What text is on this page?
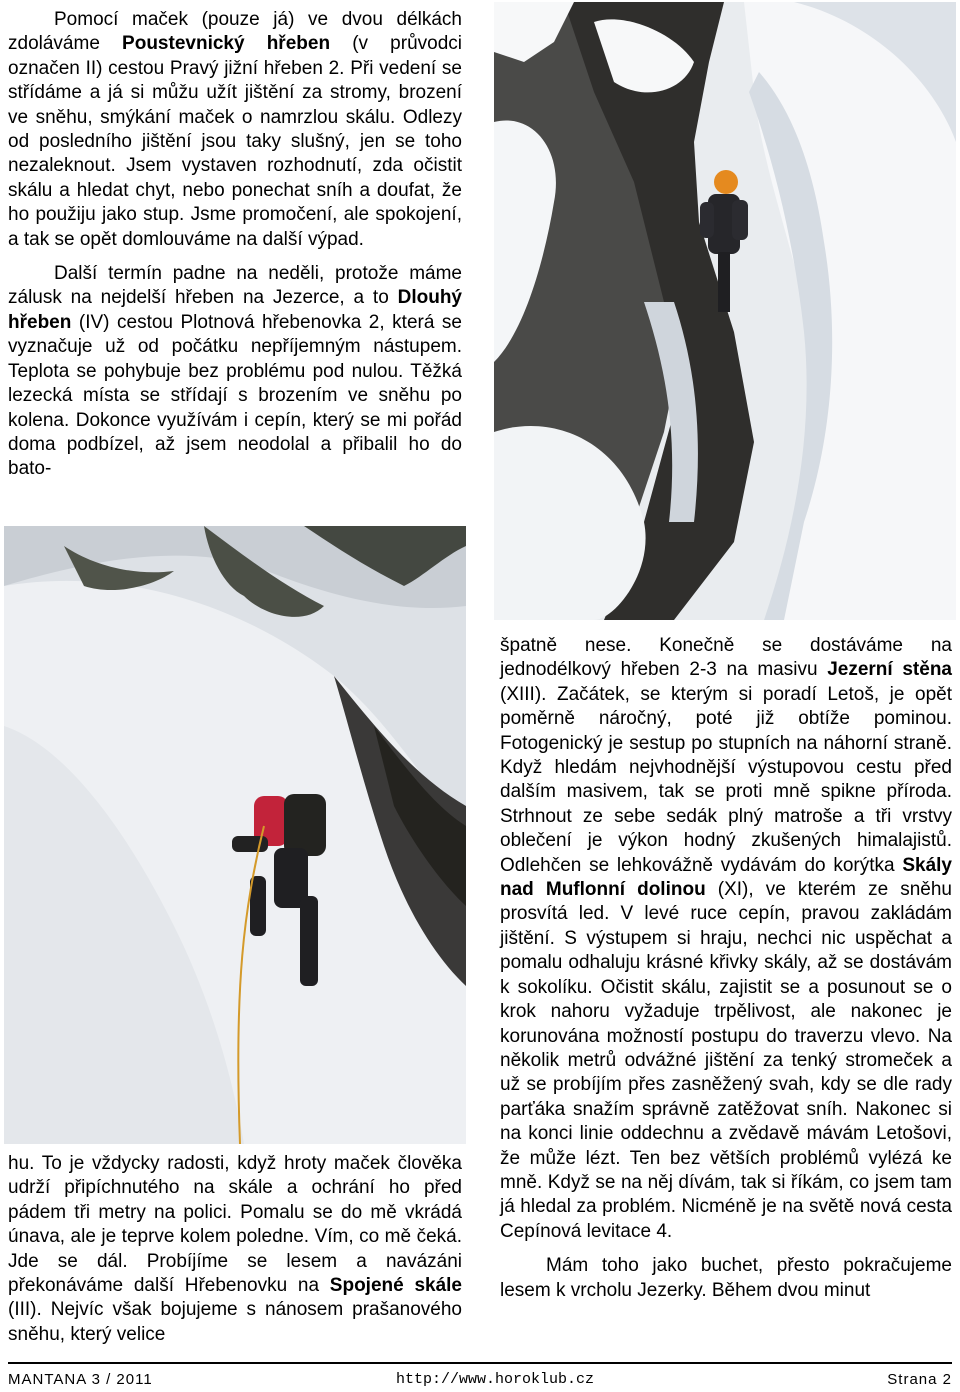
Pomocí maček (pouze já) ve dvou délkách zdoláváme Poustevnický hřeben (v průvodci označen II) cestou Pravý jižní hřeben 2. Při vedení se střídáme a já si můžu užít jištění za stromy, brození ve sněhu, smýkání maček o namrzlou skálu. Odlezy od posledního jištění jsou taky slušný, jen se toho nezaleknout. Jsem vystaven rozhodnutí, zda očistit skálu a hledat chyt, nebo ponechat sníh a doufat, že ho použiju jako stup. Jsme promočení, ale spokojení, a tak se opět domlouváme na další výpad.

Další termín padne na neděli, protože máme zálusk na nejdelší hřeben na Jezerce, a to Dlouhý hřeben (IV) cestou Plotnová hřebenovka 2, která se vyznačuje už od počátku nepříjemným nástupem. Teplota se pohybuje bez problému pod nulou. Těžká lezecká místa se střídají s brozením ve sněhu po kolena. Dokonce využívám i cepín, který se mi pořád doma podbízel, až jsem neodolal a přibalil ho do bato-

hu. To je vždycky radosti, když hroty maček člověka udrží připíchnutého na skále a ochrání ho před pádem tři metry na polici. Pomalu se do mě vkrádá únava, ale je teprve kolem poledne. Vím, co mě čeká. Jde se dál. Probíjíme se lesem a navázáni překonáváme další Hřebenovku na Spojené skále (III). Nejvíc však bojujeme s nánosem prašanového sněhu, který velice

špatně nese. Konečně se dostáváme na jednodélkový hřeben 2-3 na masivu Jezerní stěna (XIII). Začátek, se kterým si poradí Letoš, je opět poměrně náročný, poté již obtíže pominou. Fotogenický je sestup po stupních na náhorní straně. Když hledám nejvhodnější výstupovou cestu před dalším masivem, tak se proti mně spikne příroda. Strhnout ze sebe sedák plný matroše a tři vrstvy oblečení je výkon hodný zkušených himalajistů. Odlehčen se lehkovážně vydávám do korýtka Skály nad Muflonní dolinou (XI), ve kterém ze sněhu prosvítá led. V levé ruce cepín, pravou zakládám jištění. S výstupem si hraju, nechci nic uspěchat a pomalu odhaluju krásné křivky skály, až se dostávám k sokolíku. Očistit skálu, zajistit se a posunout se o krok nahoru vyžaduje trpělivost, ale nakonec je korunována možností postupu do traverzu vlevo. Na několik metrů odvážné jištění za tenký stromeček a už se probíjím přes zasněžený svah, kdy se dle rady parťáka snažím správně zatěžovat sníh. Nakonec si na konci linie oddechnu a zvědavě mávám Letošovi, že může lézt. Ten bez větších problémů vylézá ke mně. Když se na něj dívám, tak si říkám, co jsem tam já hledal za problém. Nicméně je na světě nová cesta Cepínová levitace 4.

Mám toho jako buchet, přesto pokračujeme lesem k vrcholu Jezerky. Během dvou minut

MANTANA 3 / 2011	http://www.horoklub.cz	Strana 2
